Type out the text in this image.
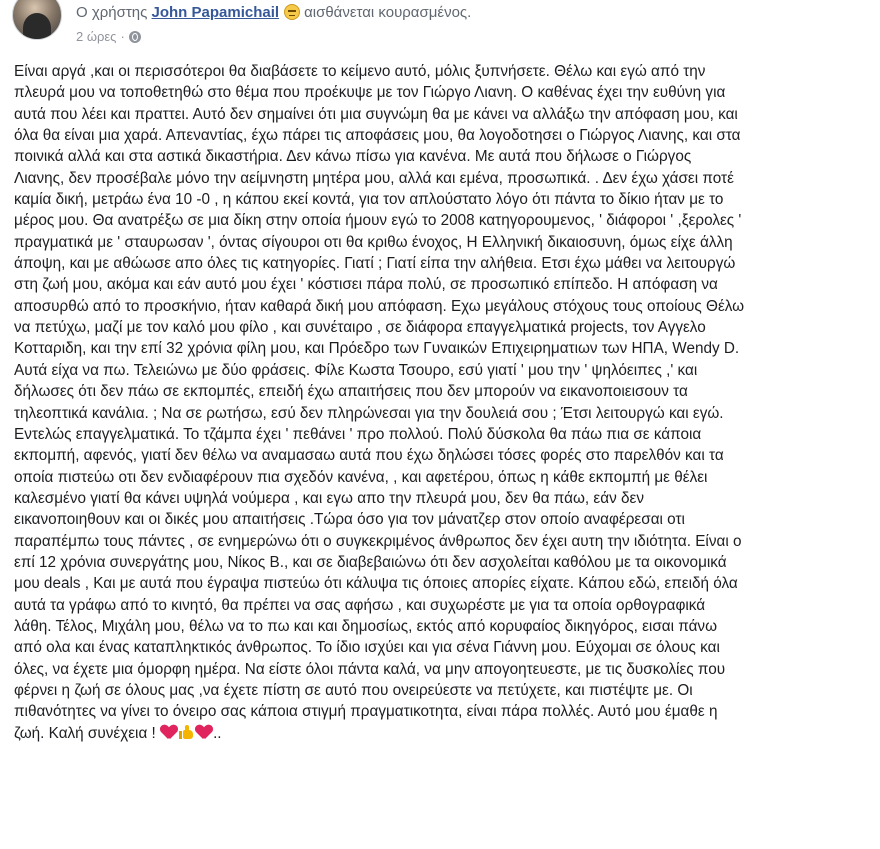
Ο χρήστης John Papamichail αισθάνεται κουρασμένος.
2 ώρες ·
Είναι αργά ,και οι περισσότεροι θα διαβάσετε το κείμενο αυτό, μόλις ξυπνήσετε. Θέλω και εγώ από την
πλευρά μου να τοποθετηθώ στο θέμα που προέκυψε με τον Γιώργο Λιανη. Ο καθένας έχει την ευθύνη για
αυτά που λέει και πραττει. Αυτό δεν σημαίνει ότι μια συγνώμη θα με κάνει να αλλάξω την απόφαση μου, και
όλα θα είναι μια χαρά. Απεναντίας, έχω πάρει τις αποφάσεις μου, θα λογοδοτησει ο Γιώργος Λιανης, και στα
ποινικά αλλά και στα αστικά δικαστήρια. Δεν κάνω πίσω για κανένα. Με αυτά που δήλωσε ο Γιώργος
Λιανης, δεν προσέβαλε μόνο την αείμνηστη μητέρα μου, αλλά και εμένα, προσωπικά. . Δεν έχω χάσει ποτέ
καμία δική, μετράω ένα 10 -0 , η κάπου εκεί κοντά, για τον απλούστατο λόγο ότι πάντα το δίκιο ήταν με το
μέρος μου. Θα ανατρέξω σε μια δίκη στην οποία ήμουν εγώ το 2008 κατηγορουμενος, ' διάφοροι ' ,ξερολες '
πραγματικά με ' σταυρωσαν ', όντας σίγουροι οτι θα κριθω ένοχος, Η Ελληνική δικαιοσυνη, όμως είχε άλλη
άποψη, και με αθώωσε απο όλες τις κατηγορίες. Γιατί ; Γιατί είπα την αλήθεια. Ετσι έχω μάθει να λειτουργώ
στη ζωή μου, ακόμα και εάν αυτό μου έχει ' κόστισει πάρα πολύ, σε προσωπικό επίπεδο. Η απόφαση να
αποσυρθώ από το προσκήνιο, ήταν καθαρά δική μου απόφαση. Εχω μεγάλους στόχους τους οποίους Θέλω
να πετύχω, μαζί με τον καλό μου φίλο , και συνέταιρο , σε διάφορα επαγγελματικά projects, τον Αγγελο
Κοτταριδη, και την επί 32 χρόνια φίλη μου, και Πρόεδρο των Γυναικών Επιχειρηματιων των ΗΠΑ, Wendy D.
Αυτά είχα να πω. Τελειώνω με δύο φράσεις. Φίλε Κωστα Τσουρο, εσύ γιατί ' μου την ' ψηλόειπες ,' και
δήλωσες ότι δεν πάω σε εκπομπές, επειδή έχω απαιτήσεις που δεν μπορούν να εικανοποιεισουν τα
τηλεοπτικά κανάλια. ; Να σε ρωτήσω, εσύ δεν πληρώνεσαι για την δουλειά σου ; Έτσι λειτουργώ και εγώ.
Εντελώς επαγγελματικά. Το τζάμπα έχει ' πεθάνει ' προ πολλού. Πολύ δύσκολα θα πάω πια σε κάποια
εκπομπή, αφενός, γιατί δεν θέλω να αναμασαω αυτά που έχω δηλώσει τόσες φορές στο παρελθόν και τα
οποία πιστεύω οτι δεν ενδιαφέρουν πια σχεδόν κανένα, , και αφετέρου, όπως η κάθε εκπομπή με θέλει
καλεσμένο γιατί θα κάνει υψηλά νούμερα , και εγω απο την πλευρά μου, δεν θα πάω, εάν δεν
εικανοποιηθουν και οι δικές μου απαιτήσεις .Τώρα όσο για τον μάνατζερ στον οποίο αναφέρεσαι οτι
παραπέμπω τους πάντες , σε ενημερώνω ότι ο συγκεκριμένος άνθρωπος δεν έχει αυτη την ιδιότητα. Είναι ο
επί 12 χρόνια συνεργάτης μου, Νίκος Β., και σε διαβεβαιώνω ότι δεν ασχολείται καθόλου με τα οικονομικά
μου deals , Και με αυτά που έγραψα πιστεύω ότι κάλυψα τις όποιες απορίες είχατε. Κάπου εδώ, επειδή όλα
αυτά τα γράφω από το κινητό, θα πρέπει να σας αφήσω , και συχωρέστε με για τα οποία ορθογραφικά
λάθη. Τέλος, Μιχάλη μου, θέλω να το πω και και δημοσίως, εκτός από κορυφαίος δικηγόρος, εισαι πάνω
από ολα και ένας καταπληκτικός άνθρωπος. Το ίδιο ισχύει και για σένα Γιάννη μου. Εύχομαι σε όλους και
όλες, να έχετε μια όμορφη ημέρα. Να είστε όλοι πάντα καλά, να μην απογοητευεστε, με τις δυσκολίες που
φέρνει η ζωή σε όλους μας ,να έχετε πίστη σε αυτό που ονειρεύεστε να πετύχετε, και πιστέψτε με. Οι
πιθανότητες να γίνει το όνειρο σας κάποια στιγμή πραγματικοτητα, είναι πάρα πολλές. Αυτό μου έμαθε η
ζωή. Καλή συνέχεια !	..
